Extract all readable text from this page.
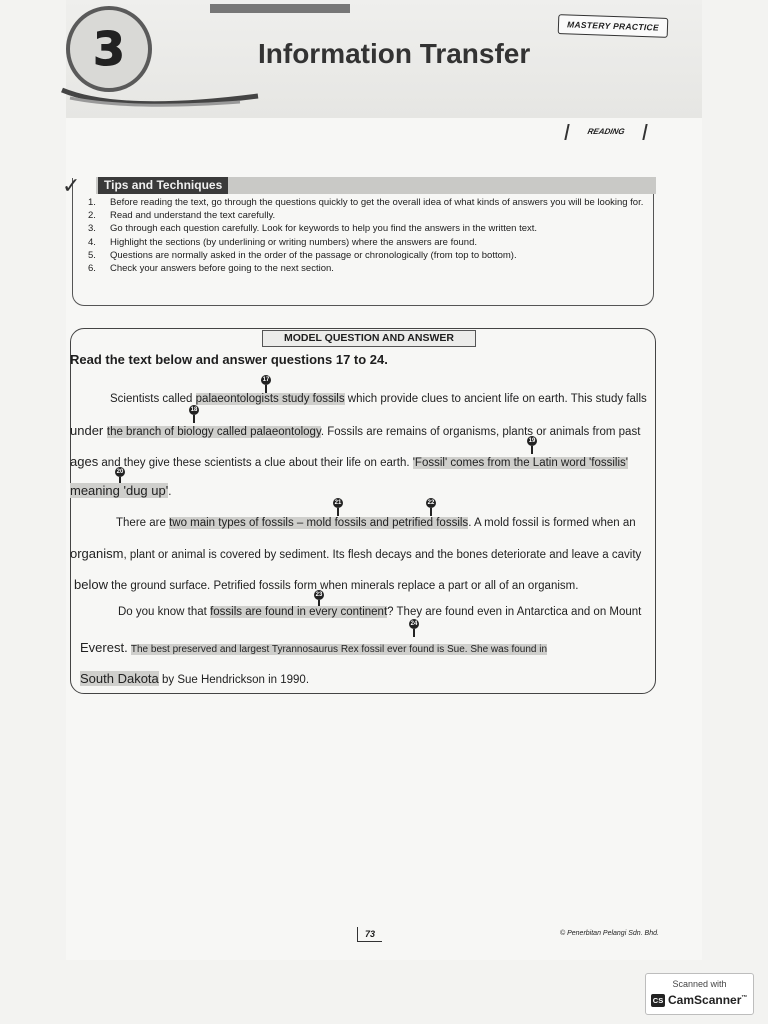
3	Information Transfer
MASTERY PRACTICE
READING
✓	Tips and Techniques
1.	Before reading the text, go through the questions quickly to get the overall idea of what kinds of answers you will be looking for.
2.	Read and understand the text carefully.
3.	Go through each question carefully. Look for keywords to help you find the answers in the written text.
4.	Highlight the sections (by underlining or writing numbers) where the answers are found.
5.	Questions are normally asked in the order of the passage or chronologically (from top to bottom).
6.	Check your answers before going to the next section.
MODEL QUESTION AND ANSWER
Read the text below and answer questions 17 to 24.
17
18
19
20
21	22
23
24
Scientists called palaeontologists study fossils which provide clues to ancient life on earth. This study falls
under the branch of biology called palaeontology. Fossils are remains of organisms, plants or animals from past
ages and they give these scientists a clue about their life on earth. 'Fossil' comes from the Latin word 'fossilis'
meaning 'dug up'.
There are two main types of fossils – mold fossils and petrified fossils. A mold fossil is formed when an
organism, plant or animal is covered by sediment. Its flesh decays and the bones deteriorate and leave a cavity
below the ground surface. Petrified fossils form when minerals replace a part or all of an organism.
Do you know that fossils are found in every continent? They are found even in Antarctica and on Mount
Everest. The best preserved and largest Tyrannosaurus Rex fossil ever found is Sue. She was found in
South Dakota by Sue Hendrickson in 1990.
73	© Penerbitan Pelangi Sdn. Bhd.
Scanned with
CS CamScanner™
